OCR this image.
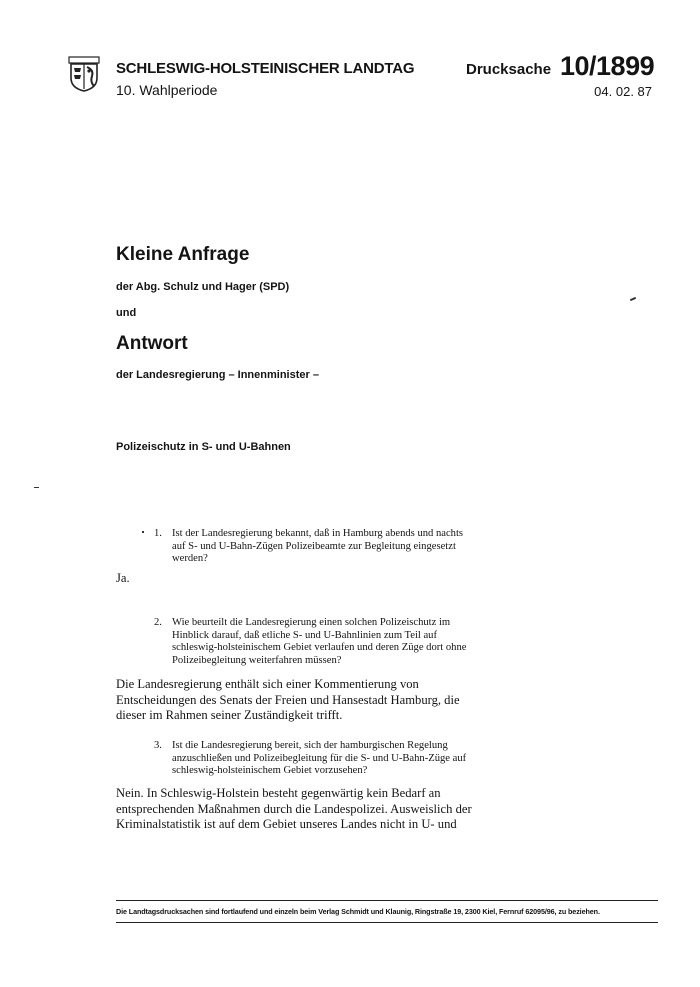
SCHLESWIG-HOLSTEINISCHER LANDTAG
10. Wahlperiode
Drucksache 10/1899
04. 02. 87
Kleine Anfrage
der Abg. Schulz und Hager (SPD)
und
Antwort
der Landesregierung – Innenminister –
Polizeischutz in S- und U-Bahnen
1. Ist der Landesregierung bekannt, daß in Hamburg abends und nachts auf S- und U-Bahn-Zügen Polizeibeamte zur Begleitung eingesetzt werden?
Ja.
2. Wie beurteilt die Landesregierung einen solchen Polizeischutz im Hinblick darauf, daß etliche S- und U-Bahnlinien zum Teil auf schleswig-holsteinischem Gebiet verlaufen und deren Züge dort ohne Polizeibegleitung weiterfahren müssen?
Die Landesregierung enthält sich einer Kommentierung von Entscheidungen des Senats der Freien und Hansestadt Hamburg, die dieser im Rahmen seiner Zuständigkeit trifft.
3. Ist die Landesregierung bereit, sich der hamburgischen Regelung anzuschließen und Polizeibegleitung für die S- und U-Bahn-Züge auf schleswig-holsteinischem Gebiet vorzusehen?
Nein. In Schleswig-Holstein besteht gegenwärtig kein Bedarf an entsprechenden Maßnahmen durch die Landespolizei. Ausweislich der Kriminalstatistik ist auf dem Gebiet unseres Landes nicht in U- und
Die Landtagsdrucksachen sind fortlaufend und einzeln beim Verlag Schmidt und Klaunig, Ringstraße 19, 2300 Kiel, Fernruf 62095/96, zu beziehen.
